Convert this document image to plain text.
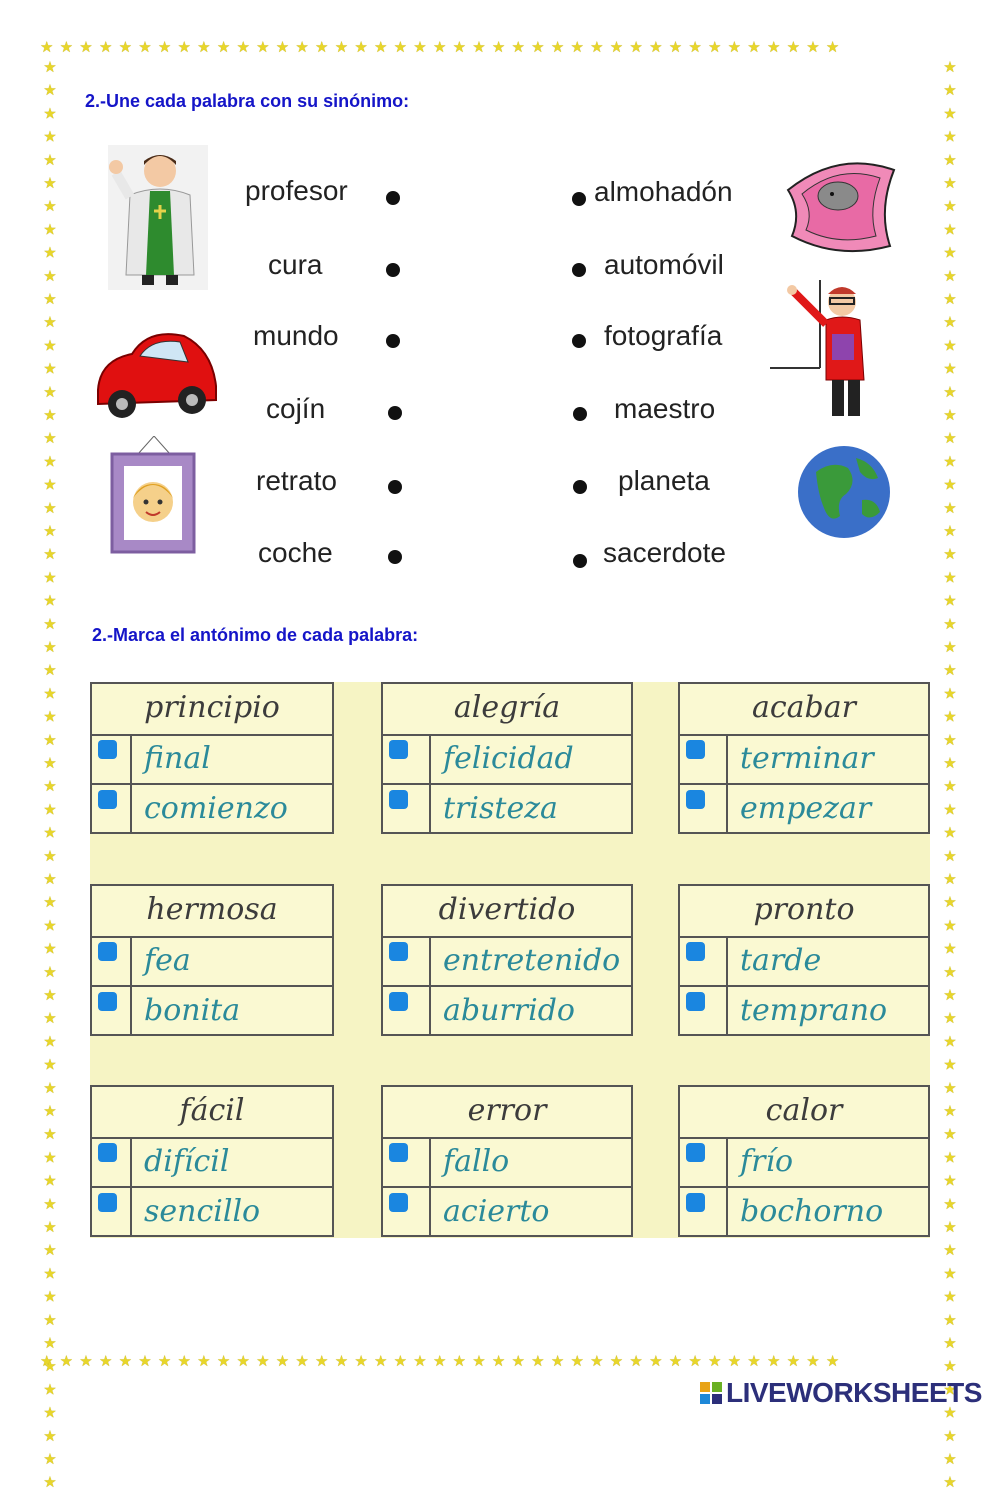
★★★★★★★★★★★★★★★★★★★★★★★★★★★★★★★★★★★★★★★★★
★★★★★★★★★★★★★★★★★★★★★★★★★★★★★★★★★★★★★★★★★
★★★★★★★★★★★★★★★★★★★★★★★★★★★★★★★★★★★★★★★★★★★★★★★★★★★★★★★★★★★★★★	★★★★★★★★★★★★★★★★★★★★★★★★★★★★★★★★★★★★★★★★★★★★★★★★★★★★★★★★★★★★★★
2.-Une cada palabra con su sinónimo:
profesor
cura
mundo
cojín
retrato
coche
almohadón
automóvil
fotografía
maestro
planeta
sacerdote
2.-Marca el antónimo de cada palabra:
principio
final
comienzo
alegría
felicidad
tristeza
acabar
terminar
empezar
hermosa
fea
bonita
divertido
entretenido
aburrido
pronto
tarde
temprano
fácil
difícil
sencillo
error
fallo
acierto
calor
frío
bochorno
LIVEWORKSHEETS
